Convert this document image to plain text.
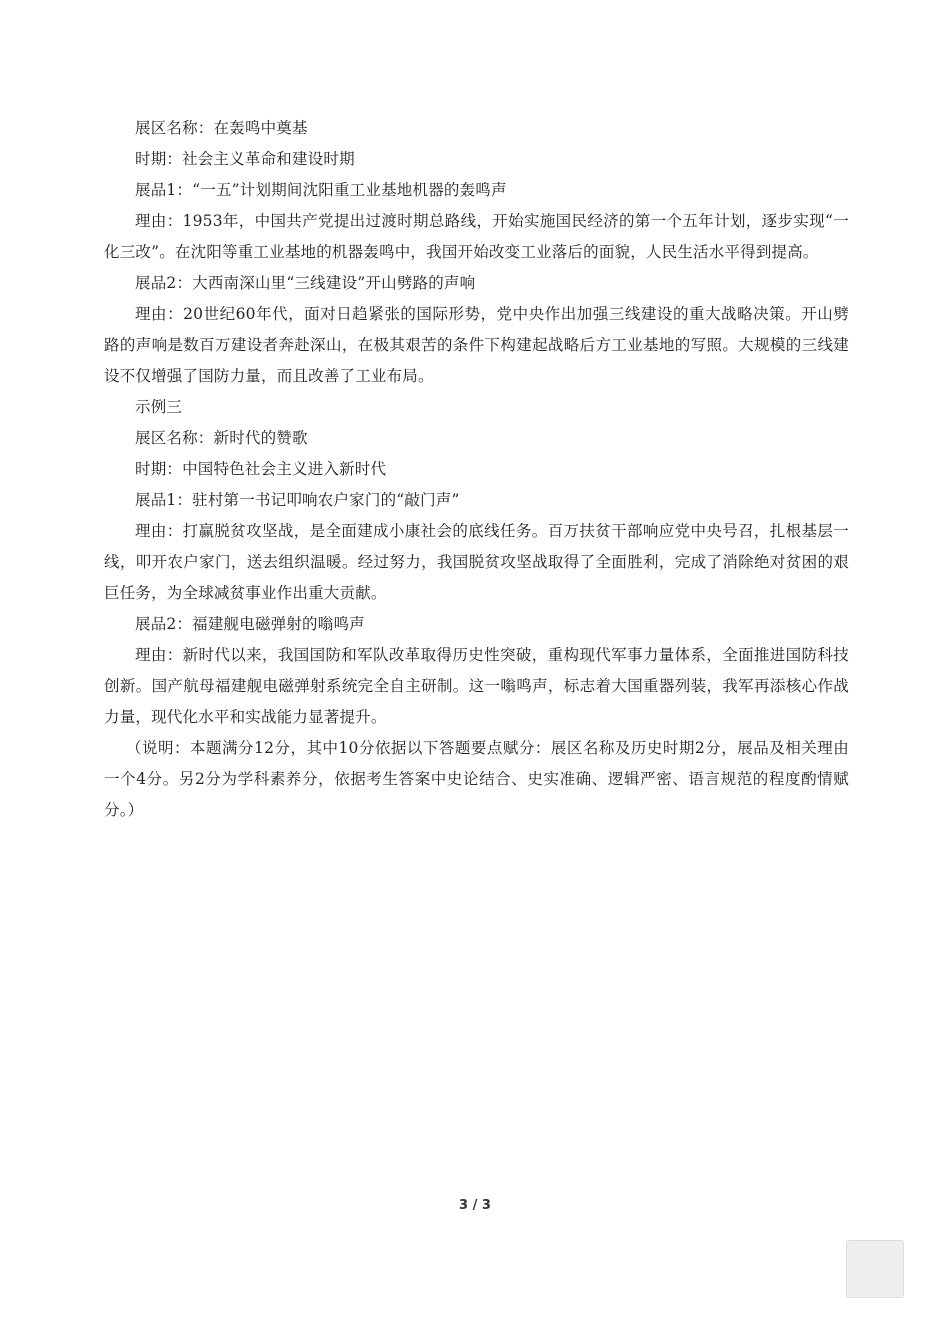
展区名称：在轰鸣中奠基
时期：社会主义革命和建设时期
展品1：“一五”计划期间沈阳重工业基地机器的轰鸣声
理由：1953年，中国共产党提出过渡时期总路线，开始实施国民经济的第一个五年计划，逐步实现“一化三改”。在沈阳等重工业基地的机器轰鸣中，我国开始改变工业落后的面貌，人民生活水平得到提高。
展品2：大西南深山里“三线建设”开山劈路的声响
理由：20世纪60年代，面对日趋紧张的国际形势，党中央作出加强三线建设的重大战略决策。开山劈路的声响是数百万建设者奔赴深山，在极其艰苦的条件下构建起战略后方工业基地的写照。大规模的三线建设不仅增强了国防力量，而且改善了工业布局。
示例三
展区名称：新时代的赞歌
时期：中国特色社会主义进入新时代
展品1：驻村第一书记叩响农户家门的“敲门声”
理由：打赢脱贫攻坚战，是全面建成小康社会的底线任务。百万扶贫干部响应党中央号召，扎根基层一线，叩开农户家门，送去组织温暖。经过努力，我国脱贫攻坚战取得了全面胜利，完成了消除绝对贫困的艰巨任务，为全球减贫事业作出重大贡献。
展品2：福建舰电磁弹射的嗡鸣声
理由：新时代以来，我国国防和军队改革取得历史性突破，重构现代军事力量体系，全面推进国防科技创新。国产航母福建舰电磁弹射系统完全自主研制。这一嗡鸣声，标志着大国重器列装，我军再添核心作战力量，现代化水平和实战能力显著提升。
（说明：本题满分12分，其中10分依据以下答题要点赋分：展区名称及历史时期2分，展品及相关理由一个4分。另2分为学科素养分，依据考生答案中史论结合、史实准确、逻辑严密、语言规范的程度酌情赋分。）
3 / 3
